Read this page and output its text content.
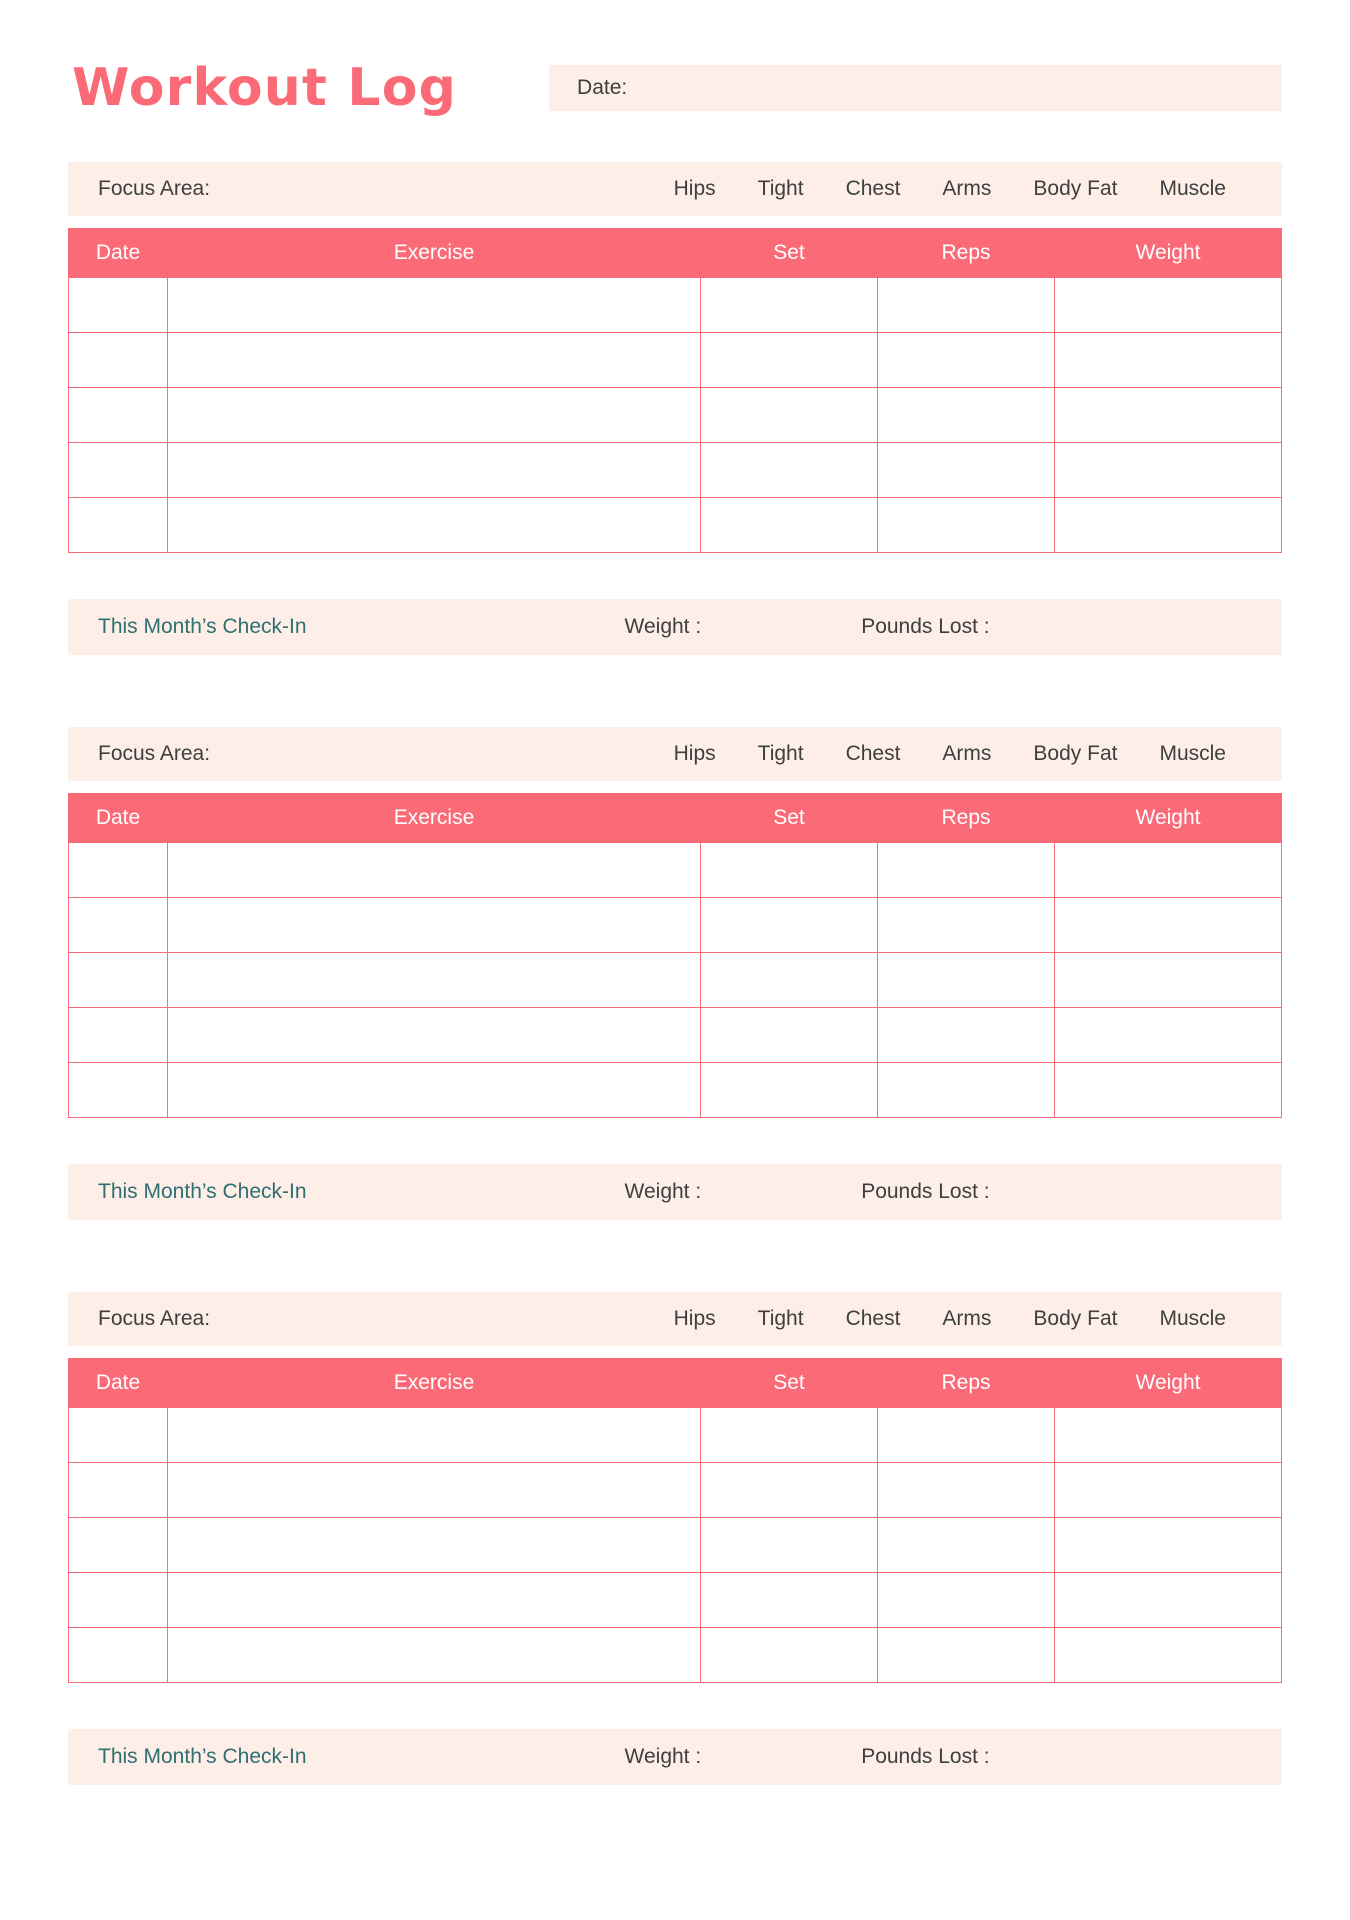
Workout Log	Date:
Focus Area:	Hips Tight Chest Arms Body Fat Muscle
Date	Exercise	Set	Reps	Weight

This Month’s Check-In	Weight :	Pounds Lost :
Focus Area:	Hips Tight Chest Arms Body Fat Muscle
Date	Exercise	Set	Reps	Weight

This Month’s Check-In	Weight :	Pounds Lost :
Focus Area:	Hips Tight Chest Arms Body Fat Muscle
Date	Exercise	Set	Reps	Weight

This Month’s Check-In	Weight :	Pounds Lost :
